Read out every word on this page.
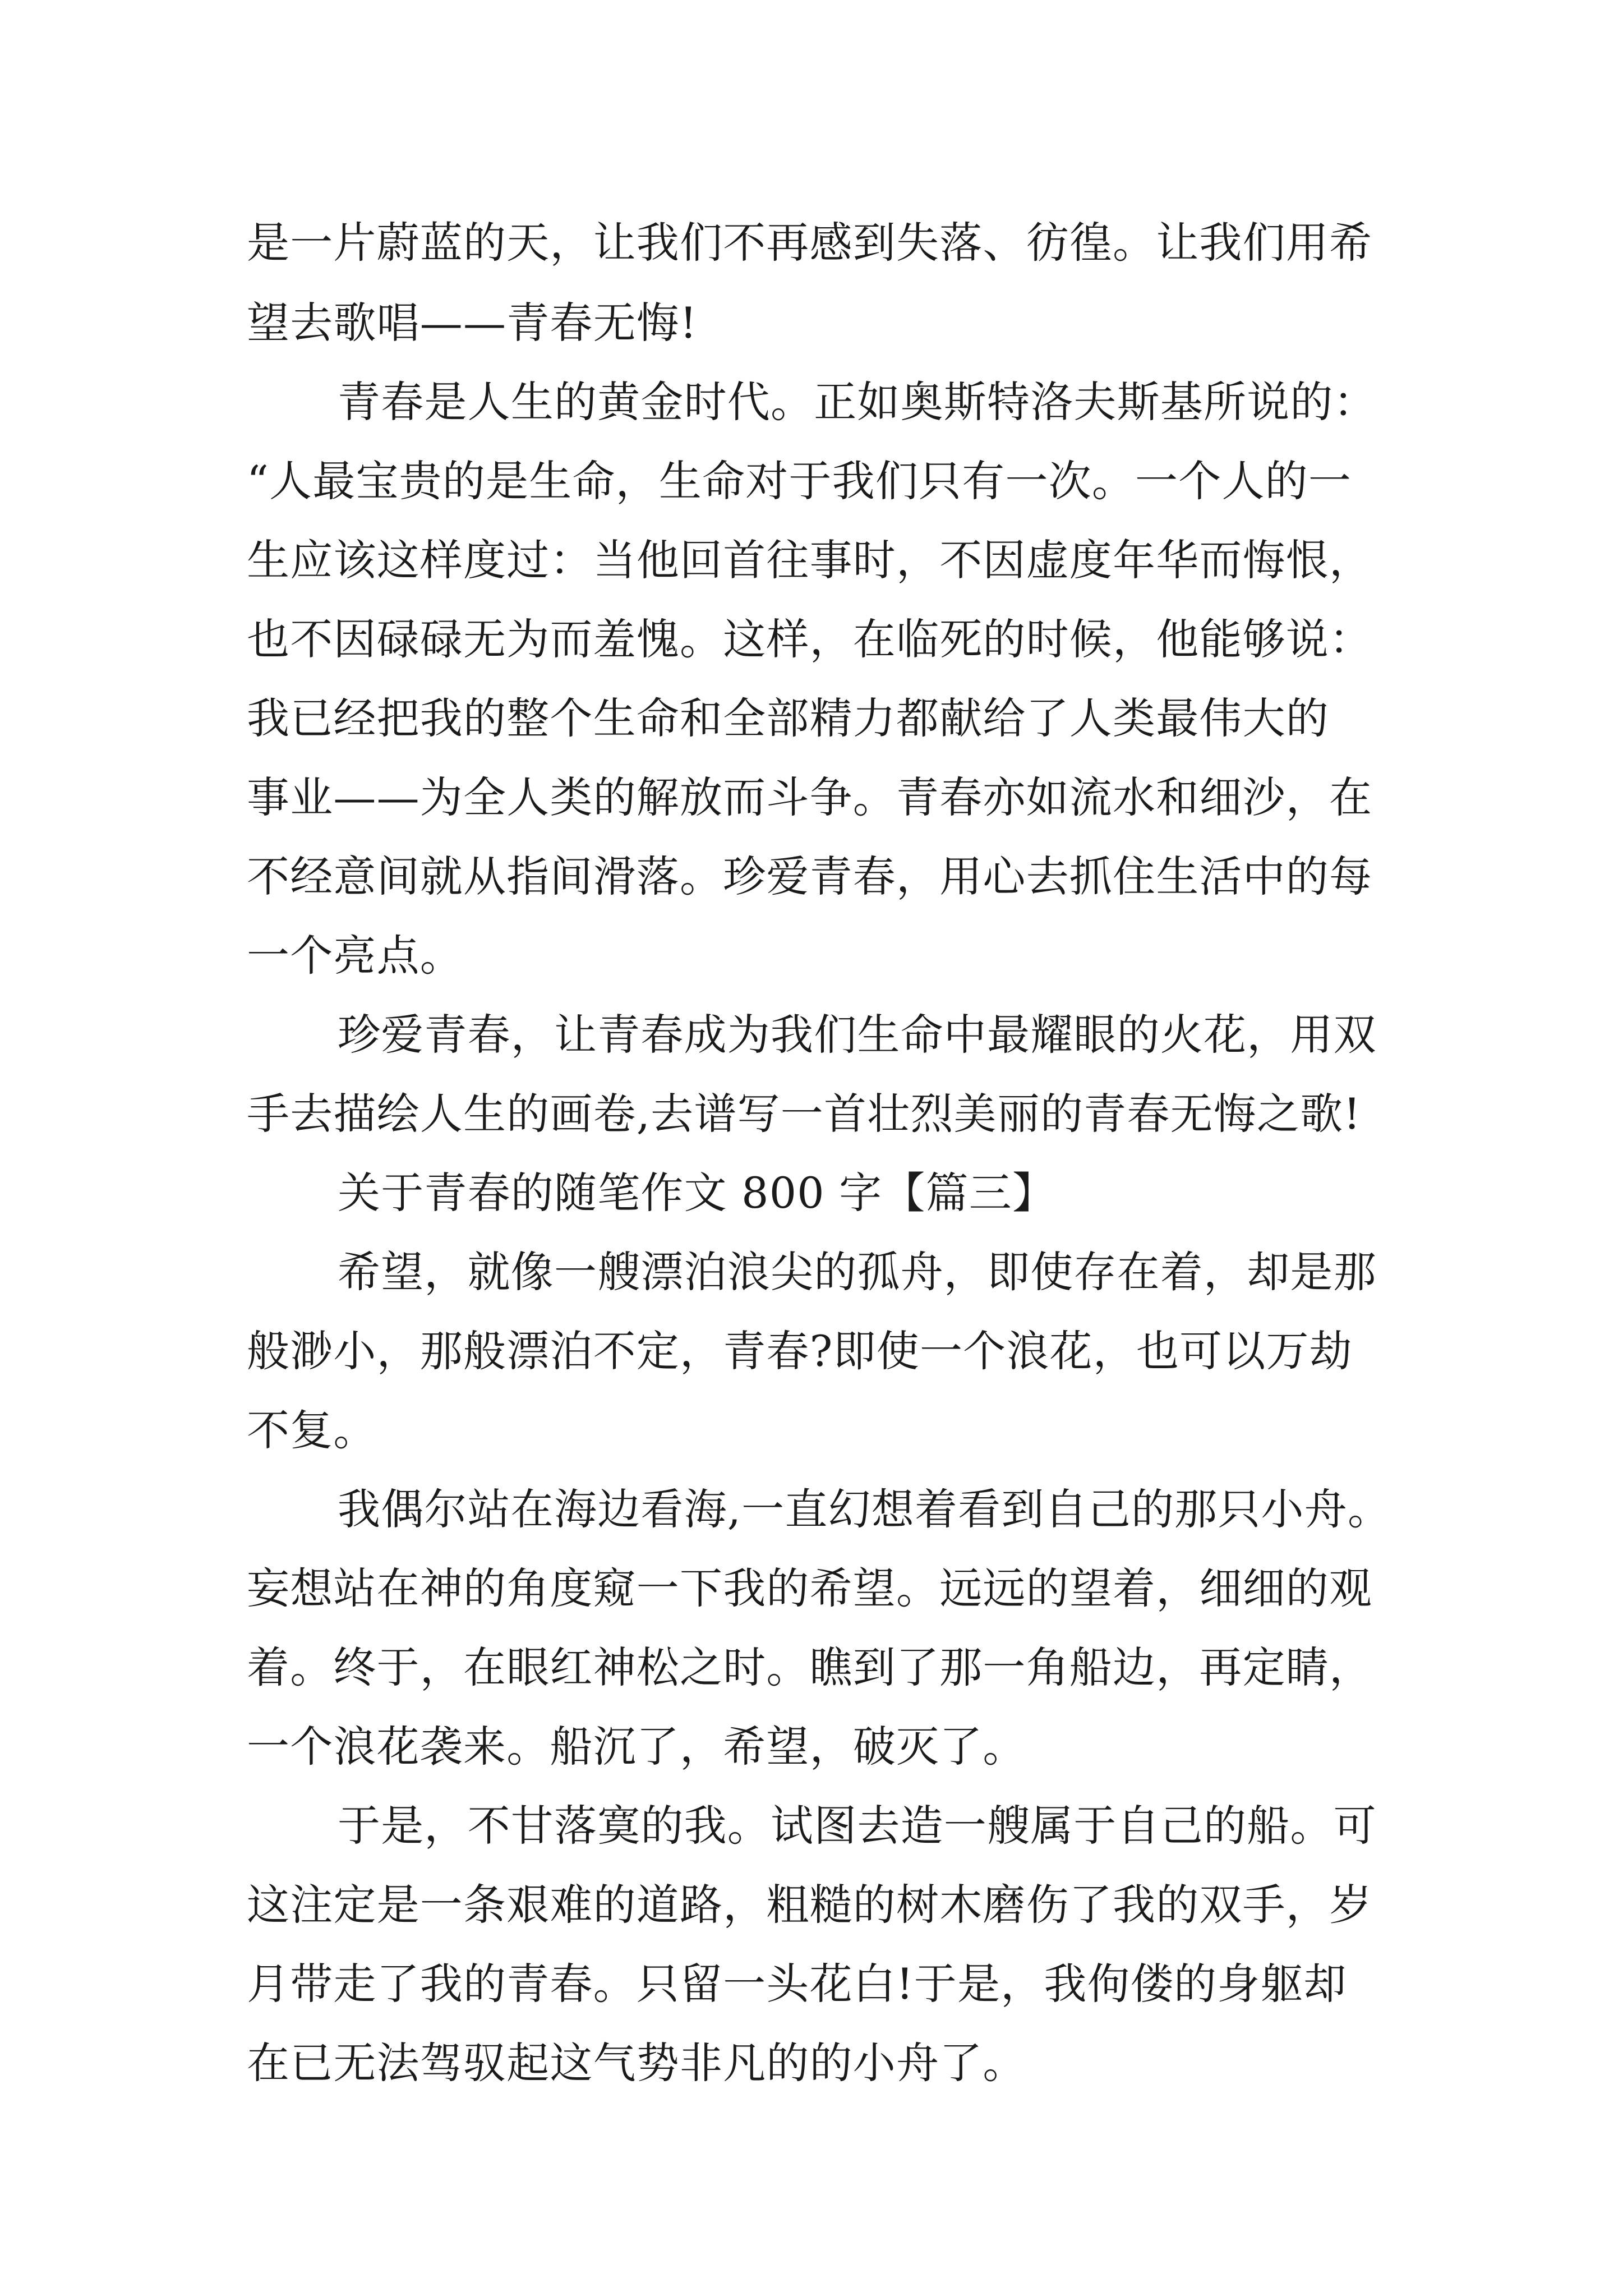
是一片蔚蓝的天，让我们不再感到失落、彷徨。让我们用希
望去歌唱——青春无悔!
青春是人生的黄金时代。正如奥斯特洛夫斯基所说的：
“人最宝贵的是生命，生命对于我们只有一次。一个人的一
生应该这样度过：当他回首往事时，不因虚度年华而悔恨，
也不因碌碌无为而羞愧。这样，在临死的时候，他能够说：
我已经把我的整个生命和全部精力都献给了人类最伟大的
事业——为全人类的解放而斗争。青春亦如流水和细沙，在
不经意间就从指间滑落。珍爱青春，用心去抓住生活中的每
一个亮点。
珍爱青春，让青春成为我们生命中最耀眼的火花，用双
手去描绘人生的画卷,去谱写一首壮烈美丽的青春无悔之歌!
关于青春的随笔作文 800 字【篇三】
希望，就像一艘漂泊浪尖的孤舟，即使存在着，却是那
般渺小，那般漂泊不定，青春?即使一个浪花，也可以万劫
不复。
我偶尔站在海边看海,一直幻想着看到自己的那只小舟。
妄想站在神的角度窥一下我的希望。远远的望着，细细的观
着。终于，在眼红神松之时。瞧到了那一角船边，再定睛，
一个浪花袭来。船沉了，希望，破灭了。
于是，不甘落寞的我。试图去造一艘属于自己的船。可
这注定是一条艰难的道路，粗糙的树木磨伤了我的双手，岁
月带走了我的青春。只留一头花白!于是，我佝偻的身躯却
在已无法驾驭起这气势非凡的的小舟了。
